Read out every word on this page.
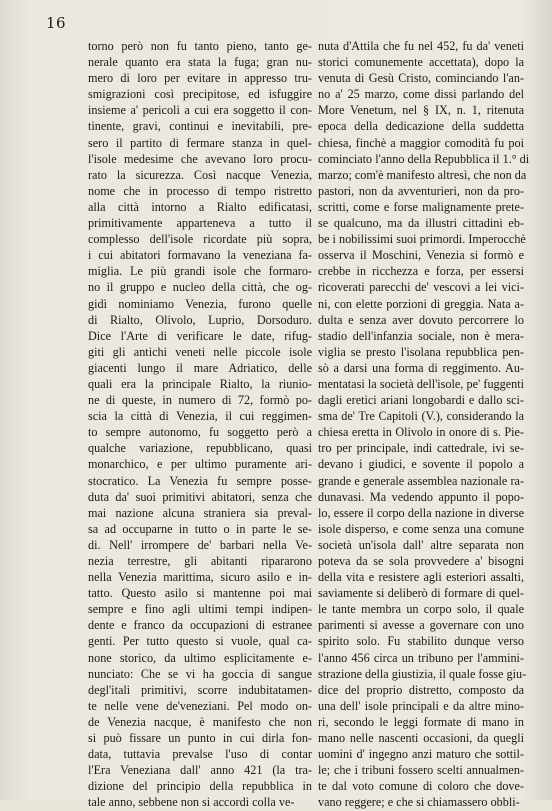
16
torno però non fu tanto pieno, tanto ge-
nerale quanto era stata la fuga; gran nu-
mero di loro per evitare in appresso tru-
smigrazioni così precipitose, ed isfuggire
insieme a' pericoli a cui era soggetto il con-
tinente, gravi, continui e inevitabili, pre-
sero il partito di fermare stanza in quel-
l'isole medesime che avevano loro procu-
rato la sicurezza. Così nacque Venezia,
nome che in processo di tempo ristretto
alla città intorno a Rialto edificatasi,
primitivamente apparteneva a tutto il
complesso dell'isole ricordate più sopra,
i cui abitatori formavano la veneziana fa-
miglia. Le più grandi isole che formaro-
no il gruppo e nucleo della città, che og-
gidì nominiamo Venezia, furono quelle
di Rialto, Olivolo, Luprio, Dorsoduro.
Dice l'Arte di verificare le date, rifug-
giti gli antichi veneti nelle piccole isole
giacenti lungo il mare Adriatico, delle
quali era la principale Rialto, la riunio-
ne di queste, in numero di 72, formò po-
scia la città di Venezia, il cui reggimen-
to sempre autonomo, fu soggetto però a
qualche variazione, repubblicano, quasi
monarchico, e per ultimo puramente ari-
stocratico. La Venezia fu sempre posse-
duta da' suoi primitivi abitatori, senza che
mai nazione alcuna straniera sia preval-
sa ad occuparne in tutto o in parte le se-
di. Nell' irrompere de' barbari nella Ve-
nezia terrestre, gli abitanti ripararono
nella Venezia marittima, sicuro asilo e in-
tatto. Questo asilo si mantenne poi mai
sempre e fino agli ultimi tempi indipen-
dente e franco da occupazioni di estranee
genti. Per tutto questo si vuole, qual ca-
none storico, da ultimo esplicitamente e-
nunciato: Che se vi ha goccia di sangue
degl'itali primitivi, scorre indubitatamen-
te nelle vene de'veneziani. Pel modo on-
de Venezia nacque, è manifesto che non
si può fissare un punto in cui dirla fon-
data, tuttavia prevalse l'uso di contar
l'Era Veneziana dall' anno 421 (la tra-
dizione del principio della repubblica in
tale anno, sebbene non si accordi colla ve-
nuta d'Attila che fu nel 452, fu da' veneti
storici comunemente accettata), dopo la
venuta di Gesù Cristo, cominciando l'an-
no a' 25 marzo, come dissi parlando del
More Venetum, nel § IX, n. 1, ritenuta
epoca della dedicazione della suddetta
chiesa, finchè a maggior comodità fu poi
cominciato l'anno della Repubblica il 1.° di
marzo; com'è manifesto altresì, che non da
pastori, non da avventurieri, non da pro-
scritti, come e forse malignamente prete-
se qualcuno, ma da illustri cittadini eb-
be i nobilissimi suoi primordi. Imperocchè
osserva il Moschini, Venezia si formò e
crebbe in ricchezza e forza, per essersi
ricoverati parecchi de' vescovi a lei vici-
ni, con elette porzioni di greggia. Nata a-
dulta e senza aver dovuto percorrere lo
stadio dell'infanzia sociale, non è mera-
viglia se presto l'isolana repubblica pen-
sò a darsi una forma di reggimento. Au-
mentatasi la società dell'isole, pe' fuggenti
dagli eretici ariani longobardi e dallo sci-
sma de' Tre Capitoli (V.), considerando la
chiesa eretta in Olivolo in onore di s. Pie-
tro per principale, indi cattedrale, ivi se-
devano i giudici, e sovente il popolo a
grande e generale assemblea nazionale ra-
dunavasi. Ma vedendo appunto il popo-
lo, essere il corpo della nazione in diverse
isole disperso, e come senza una comune
società un'isola dall' altre separata non
poteva da se sola provvedere a' bisogni
della vita e resistere agli esteriori assalti,
saviamente si deliberò di formare di quel-
le tante membra un corpo solo, il quale
parimenti si avesse a governare con uno
spirito solo. Fu stabilito dunque verso
l'anno 456 circa un tribuno per l'ammini-
strazione della giustizia, il quale fosse giu-
dice del proprio distretto, composto da
una dell' isole principali e da altre mino-
ri, secondo le leggi formate di mano in
mano nelle nascenti occasioni, da quegli
uomini d' ingegno anzi maturo che sottil-
le; che i tribuni fossero scelti annualmen-
te dal voto comune di coloro che dove-
vano reggere; e che si chiamassero obbli-
